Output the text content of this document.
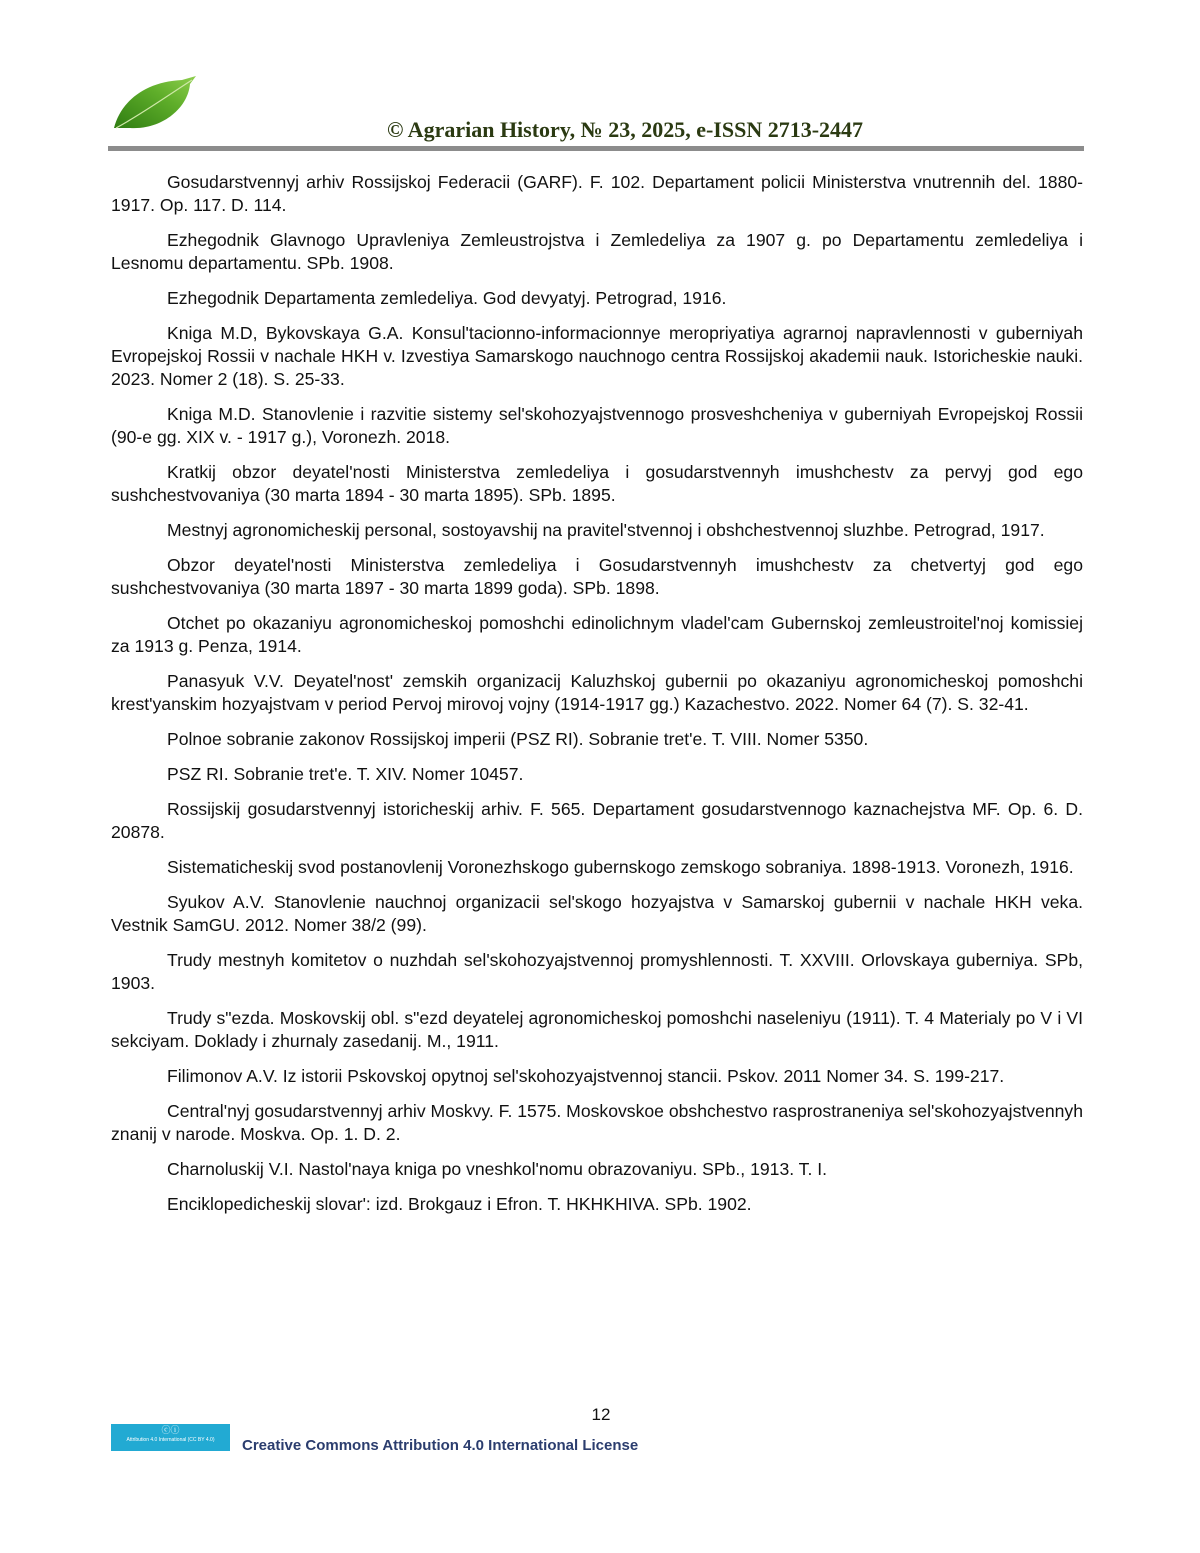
© Agrarian History, № 23, 2025, e-ISSN 2713-2447

Gosudarstvennyj arhiv Rossijskoj Federacii (GARF). F. 102. Departament policii Ministerstva vnutrennih del. 1880-1917. Op. 117. D. 114.

Ezhegodnik Glavnogo Upravleniya Zemleustrojstva i Zemledeliya za 1907 g. po Departamentu zemledeliya i Lesnomu departamentu. SPb. 1908.

Ezhegodnik Departamenta zemledeliya. God devyatyj. Petrograd, 1916.

Kniga M.D, Bykovskaya G.A. Konsul'tacionno-informacionnye meropriyatiya agrarnoj napravlennosti v guberniyah Evropejskoj Rossii v nachale HKH v. Izvestiya Samarskogo nauchnogo centra Rossijskoj akademii nauk. Istoricheskie nauki. 2023. Nomer 2 (18). S. 25-33.

Kniga M.D. Stanovlenie i razvitie sistemy sel'skohozyajstvennogo prosveshcheniya v guberniyah Evropejskoj Rossii (90-e gg. XIX v. - 1917 g.), Voronezh. 2018.

Kratkij obzor deyatel'nosti Ministerstva zemledeliya i gosudarstvennyh imushchestv za pervyj god ego sushchestvovaniya (30 marta 1894 - 30 marta 1895). SPb. 1895.

Mestnyj agronomicheskij personal, sostoyavshij na pravitel'stvennoj i obshchestvennoj sluzhbe. Petrograd, 1917.

Obzor deyatel'nosti Ministerstva zemledeliya i Gosudarstvennyh imushchestv za chetvertyj god ego sushchestvovaniya (30 marta 1897 - 30 marta 1899 goda). SPb. 1898.

Otchet po okazaniyu agronomicheskoj pomoshchi edinolichnym vladel'cam Gubernskoj zemleustroitel'noj komissiej za 1913 g. Penza, 1914.

Panasyuk V.V. Deyatel'nost' zemskih organizacij Kaluzhskoj gubernii po okazaniyu agronomicheskoj pomoshchi krest'yanskim hozyajstvam v period Pervoj mirovoj vojny (1914-1917 gg.) Kazachestvo. 2022. Nomer 64 (7). S. 32-41.

Polnoe sobranie zakonov Rossijskoj imperii (PSZ RI). Sobranie tret'e. T. VIII. Nomer 5350.

PSZ RI. Sobranie tret'e. T. XIV. Nomer 10457.

Rossijskij gosudarstvennyj istoricheskij arhiv. F. 565. Departament gosudarstvennogo kaznachejstva MF. Op. 6. D. 20878.

Sistematicheskij svod postanovlenij Voronezhskogo gubernskogo zemskogo sobraniya. 1898-1913. Voronezh, 1916.

Syukov A.V. Stanovlenie nauchnoj organizacii sel'skogo hozyajstva v Samarskoj gubernii v nachale HKH veka. Vestnik SamGU. 2012. Nomer 38/2 (99).

Trudy mestnyh komitetov o nuzhdah sel'skohozyajstvennoj promyshlennosti. T. XXVIII. Orlovskaya guberniya. SPb, 1903.

Trudy s"ezda. Moskovskij obl. s"ezd deyatelej agronomicheskoj pomoshchi naseleniyu (1911). T. 4 Materialy po V i VI sekciyam. Doklady i zhurnaly zasedanij. M., 1911.

Filimonov A.V. Iz istorii Pskovskoj opytnoj sel'skohozyajstvennoj stancii. Pskov. 2011 Nomer 34. S. 199-217.

Central'nyj gosudarstvennyj arhiv Moskvy. F. 1575. Moskovskoe obshchestvo rasprostraneniya sel'skohozyajstvennyh znanij v narode. Moskva. Op. 1. D. 2.

Charnoluskij V.I. Nastol'naya kniga po vneshkol'nomu obrazovaniyu. SPb., 1913. T. I.

Enciklopedicheskij slovar': izd. Brokgauz i Efron. T. HKHKHIVA. SPb. 1902.

12
ⓒⓘ
Attribution 4.0 International (CC BY 4.0)	Creative Commons Attribution 4.0 International License
